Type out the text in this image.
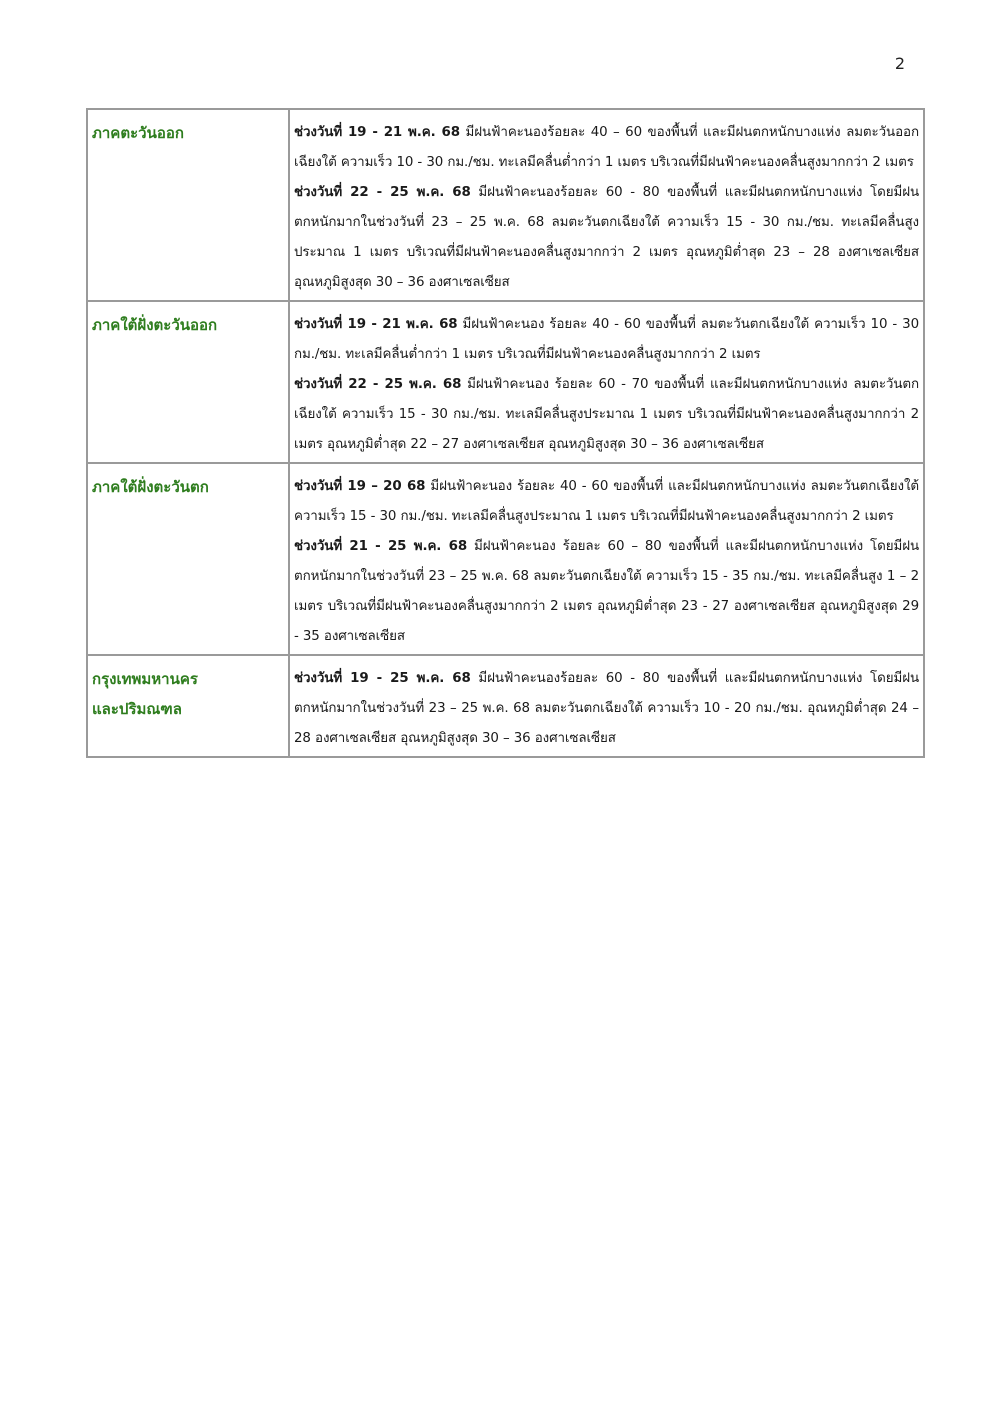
2
ภาคตะวันออก	ช่วงวันที่ 19 - 21 พ.ค. 68 มีฝนฟ้าคะนองร้อยละ 40 – 60 ของพื้นที่ และมีฝนตกหนักบางแห่ง ลมตะวันออกเฉียงใต้ ความเร็ว 10 - 30 กม./ชม. ทะเลมีคลื่นต่ำกว่า 1 เมตร บริเวณที่มีฝนฟ้าคะนองคลื่นสูงมากกว่า 2 เมตร
ช่วงวันที่ 22 - 25 พ.ค. 68 มีฝนฟ้าคะนองร้อยละ 60 - 80 ของพื้นที่ และมีฝนตกหนักบางแห่ง โดยมีฝนตกหนักมากในช่วงวันที่ 23 – 25 พ.ค. 68 ลมตะวันตกเฉียงใต้ ความเร็ว 15 - 30 กม./ชม. ทะเลมีคลื่นสูงประมาณ 1 เมตร บริเวณที่มีฝนฟ้าคะนองคลื่นสูงมากกว่า 2 เมตร อุณหภูมิต่ำสุด 23 – 28 องศาเซลเซียส อุณหภูมิสูงสุด 30 – 36 องศาเซลเซียส

ภาคใต้ฝั่งตะวันออก	ช่วงวันที่ 19 - 21 พ.ค. 68 มีฝนฟ้าคะนอง ร้อยละ 40 - 60 ของพื้นที่ ลมตะวันตกเฉียงใต้ ความเร็ว 10 - 30 กม./ชม. ทะเลมีคลื่นต่ำกว่า 1 เมตร บริเวณที่มีฝนฟ้าคะนองคลื่นสูงมากกว่า 2 เมตร
ช่วงวันที่ 22 - 25 พ.ค. 68 มีฝนฟ้าคะนอง ร้อยละ 60 - 70 ของพื้นที่ และมีฝนตกหนักบางแห่ง ลมตะวันตกเฉียงใต้ ความเร็ว 15 - 30 กม./ชม. ทะเลมีคลื่นสูงประมาณ 1 เมตร บริเวณที่มีฝนฟ้าคะนองคลื่นสูงมากกว่า 2 เมตร อุณหภูมิต่ำสุด 22 – 27 องศาเซลเซียส อุณหภูมิสูงสุด 30 – 36 องศาเซลเซียส

ภาคใต้ฝั่งตะวันตก	ช่วงวันที่ 19 – 20 68 มีฝนฟ้าคะนอง ร้อยละ 40 - 60 ของพื้นที่ และมีฝนตกหนักบางแห่ง ลมตะวันตกเฉียงใต้ ความเร็ว 15 - 30 กม./ชม. ทะเลมีคลื่นสูงประมาณ 1 เมตร บริเวณที่มีฝนฟ้าคะนองคลื่นสูงมากกว่า 2 เมตร
ช่วงวันที่ 21 - 25 พ.ค. 68 มีฝนฟ้าคะนอง ร้อยละ 60 – 80 ของพื้นที่ และมีฝนตกหนักบางแห่ง โดยมีฝนตกหนักมากในช่วงวันที่ 23 – 25 พ.ค. 68 ลมตะวันตกเฉียงใต้ ความเร็ว 15 - 35 กม./ชม. ทะเลมีคลื่นสูง 1 – 2 เมตร บริเวณที่มีฝนฟ้าคะนองคลื่นสูงมากกว่า 2 เมตร อุณหภูมิต่ำสุด 23 - 27 องศาเซลเซียส อุณหภูมิสูงสุด 29 - 35 องศาเซลเซียส

กรุงเทพมหานคร
และปริมณฑล	ช่วงวันที่ 19 - 25 พ.ค. 68 มีฝนฟ้าคะนองร้อยละ 60 - 80 ของพื้นที่ และมีฝนตกหนักบางแห่ง โดยมีฝนตกหนักมากในช่วงวันที่ 23 – 25 พ.ค. 68 ลมตะวันตกเฉียงใต้ ความเร็ว 10 - 20 กม./ชม. อุณหภูมิต่ำสุด 24 – 28 องศาเซลเซียส อุณหภูมิสูงสุด 30 – 36 องศาเซลเซียส
